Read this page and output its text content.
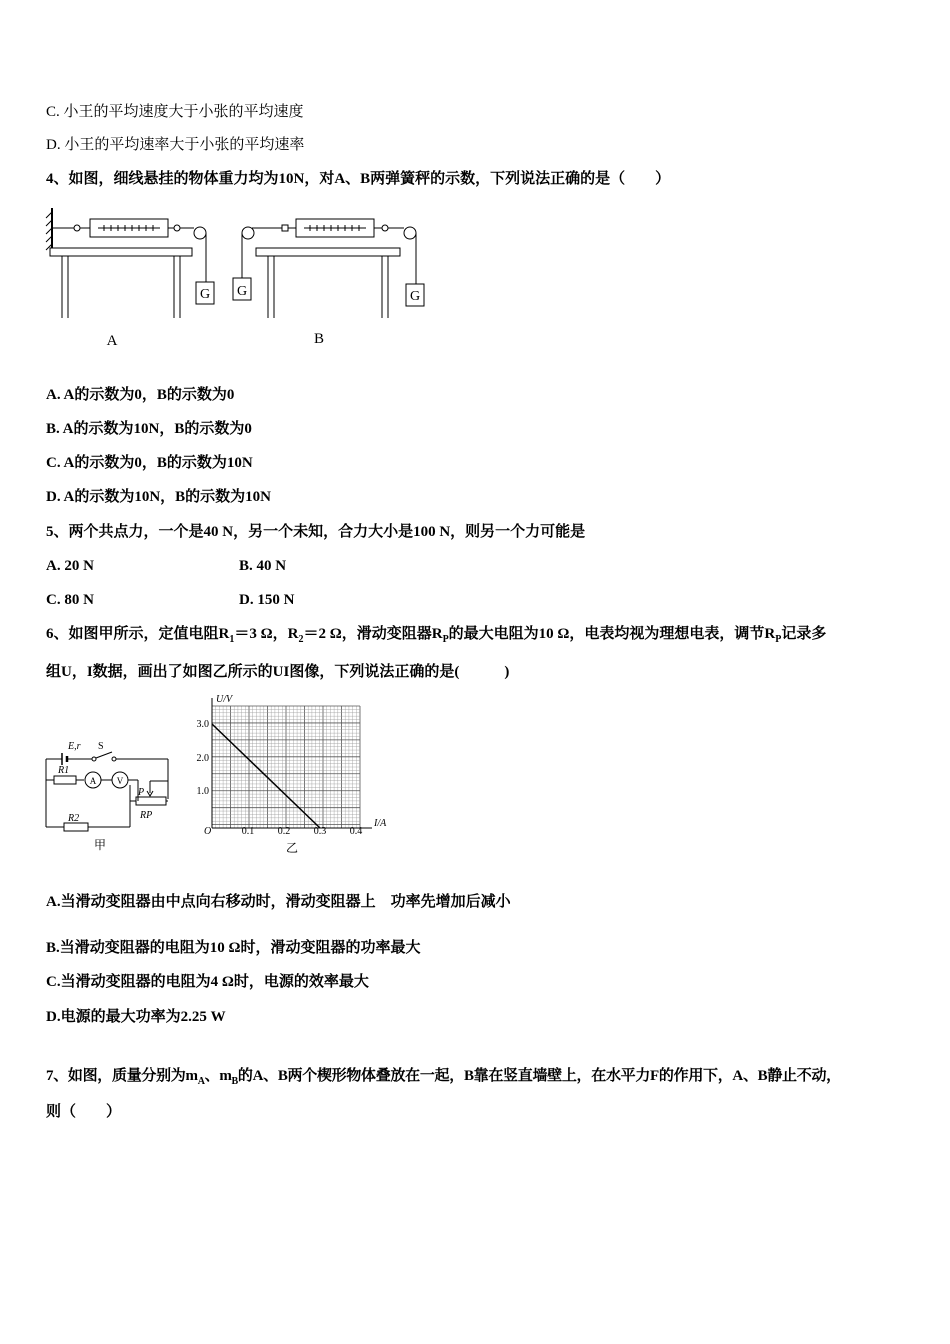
C. 小王的平均速度大于小张的平均速度
D. 小王的平均速率大于小张的平均速率
4、如图，细线悬挂的物体重力均为10N，对A、B两弹簧秤的示数，下列说法正确的是（　　）
G
A
G	G
B
A. A的示数为0，B的示数为0
B. A的示数为10N，B的示数为0
C. A的示数为0，B的示数为10N
D. A的示数为10N，B的示数为10N
5、两个共点力，一个是40 N，另一个未知，合力大小是100 N，则另一个力可能是
A. 20 N	B. 40 N
C. 80 N	D. 150 N
6、如图甲所示，定值电阻$R_1=3$ Ω，$R_2=2$ Ω，滑动变阻器$R_P$的最大电阻为10 Ω，电表均视为理想电表，调节$R_P$记录多
组U，I数据，画出了如图乙所示的UI图像，下列说法正确的是(　　　)
E,r S
R1
A V
P
RP
R2
甲
U/V
I/A
O
3.0
2.0
1.0
0.1 0.2 0.3 0.4
乙
A.当滑动变阻器由中点向右移动时，滑动变阻器上　功率先增加后减小
B.当滑动变阻器的电阻为10 Ω时，滑动变阻器的功率最大
C.当滑动变阻器的电阻为4 Ω时，电源的效率最大
D.电源的最大功率为2.25 W
7、如图，质量分别为$m_A$、$m_B$的A、B两个楔形物体叠放在一起，B靠在竖直墙壁上，在水平力F的作用下，A、B静止不动，
则（　　）
